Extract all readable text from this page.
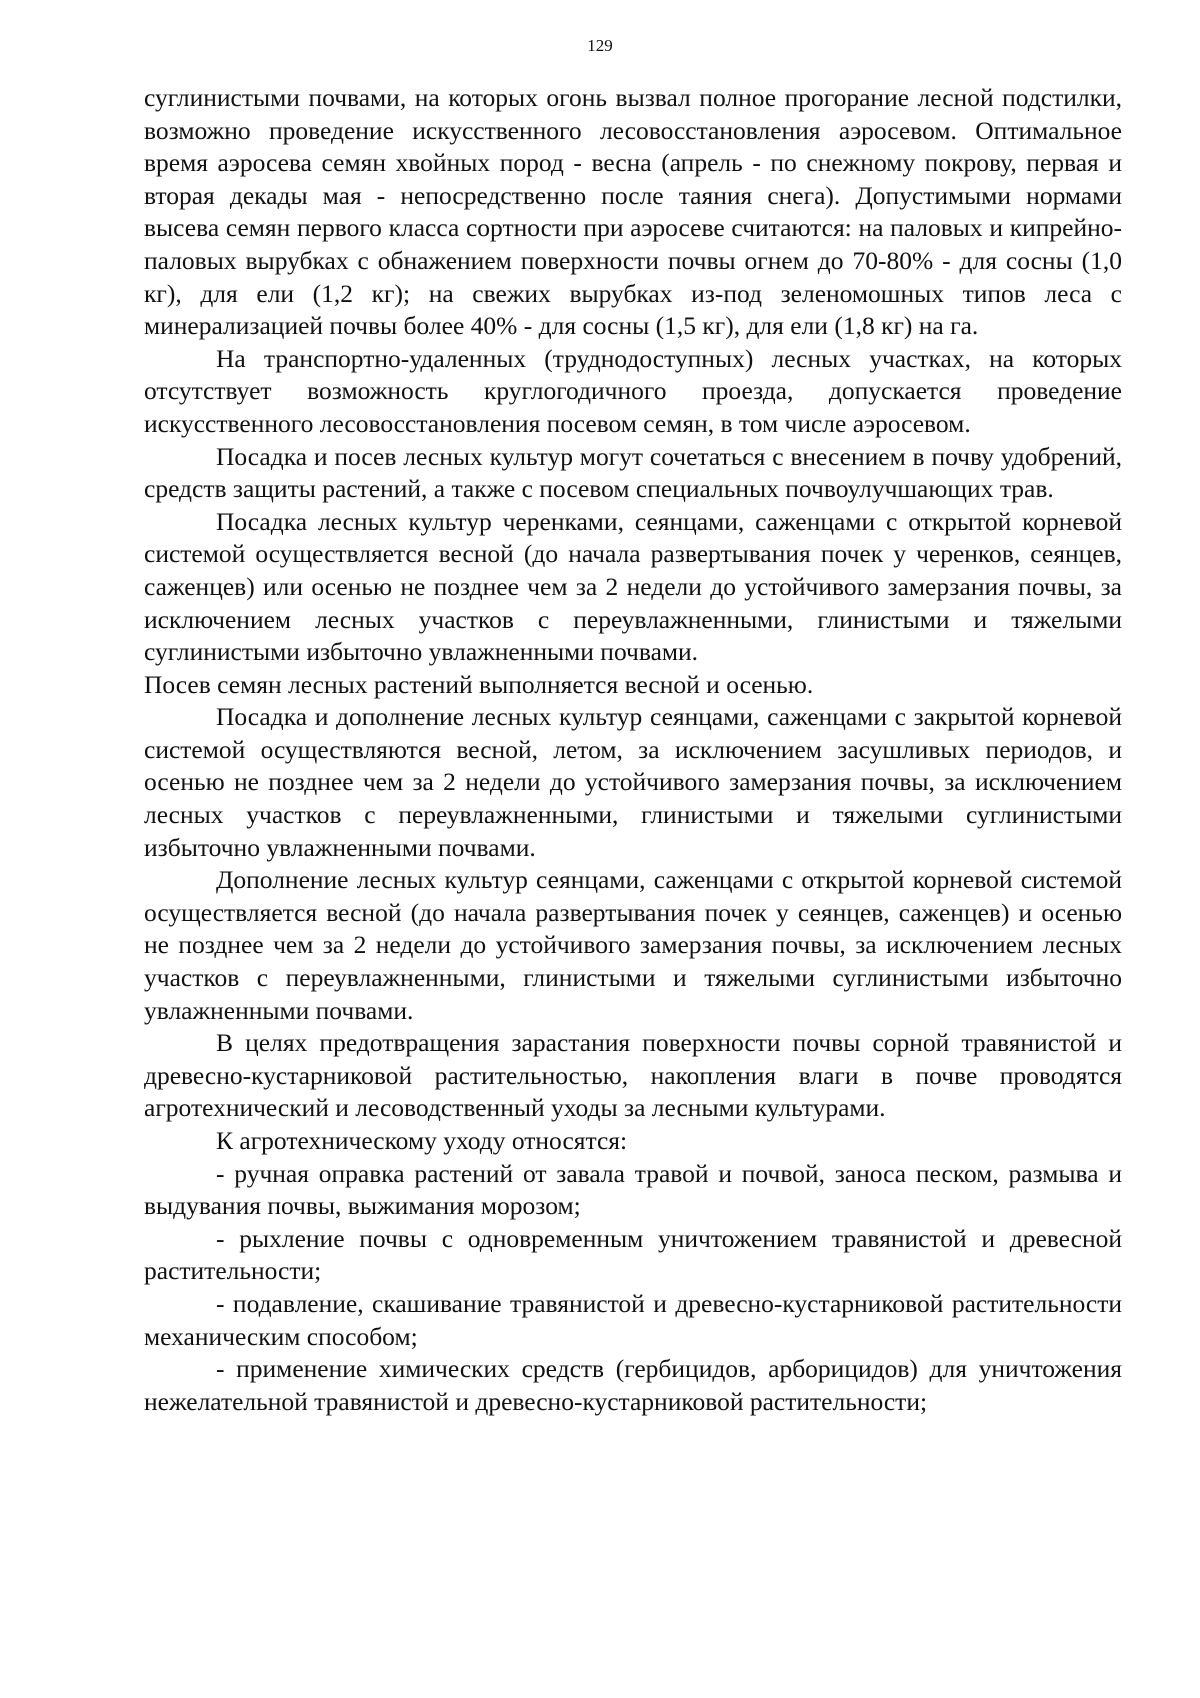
129

суглинистыми почвами, на которых огонь вызвал полное прогорание лесной подстилки, возможно проведение искусственного лесовосстановления аэросевом. Оптимальное время аэросева семян хвойных пород - весна (апрель - по снежному покрову, первая и вторая декады мая - непосредственно после таяния снега). Допустимыми нормами высева семян первого класса сортности при аэросеве считаются: на паловых и кипрейно-паловых вырубках с обнажением поверхности почвы огнем до 70-80% - для сосны (1,0 кг), для ели (1,2 кг); на свежих вырубках из-под зеленомошных типов леса с минерализацией почвы более 40% - для сосны (1,5 кг), для ели (1,8 кг) на га.

На транспортно-удаленных (труднодоступных) лесных участках, на которых отсутствует возможность круглогодичного проезда, допускается проведение искусственного лесовосстановления посевом семян, в том числе аэросевом.

Посадка и посев лесных культур могут сочетаться с внесением в почву удобрений, средств защиты растений, а также с посевом специальных почвоулучшающих трав.

Посадка лесных культур черенками, сеянцами, саженцами с открытой корневой системой осуществляется весной (до начала развертывания почек у черенков, сеянцев, саженцев) или осенью не позднее чем за 2 недели до устойчивого замерзания почвы, за исключением лесных участков с переувлажненными, глинистыми и тяжелыми суглинистыми избыточно увлажненными почвами.

Посев семян лесных растений выполняется весной и осенью.

Посадка и дополнение лесных культур сеянцами, саженцами с закрытой корневой системой осуществляются весной, летом, за исключением засушливых периодов, и осенью не позднее чем за 2 недели до устойчивого замерзания почвы, за исключением лесных участков с переувлажненными, глинистыми и тяжелыми суглинистыми избыточно увлажненными почвами.

Дополнение лесных культур сеянцами, саженцами с открытой корневой системой осуществляется весной (до начала развертывания почек у сеянцев, саженцев) и осенью не позднее чем за 2 недели до устойчивого замерзания почвы, за исключением лесных участков с переувлажненными, глинистыми и тяжелыми суглинистыми избыточно увлажненными почвами.

В целях предотвращения зарастания поверхности почвы сорной травянистой и древесно-кустарниковой растительностью, накопления влаги в почве проводятся агротехнический и лесоводственный уходы за лесными культурами.

К агротехническому уходу относятся:

- ручная оправка растений от завала травой и почвой, заноса песком, размыва и выдувания почвы, выжимания морозом;

- рыхление почвы с одновременным уничтожением травянистой и древесной растительности;

- подавление, скашивание травянистой и древесно-кустарниковой растительности механическим способом;

- применение химических средств (гербицидов, арборицидов) для уничтожения нежелательной травянистой и древесно-кустарниковой растительности;
